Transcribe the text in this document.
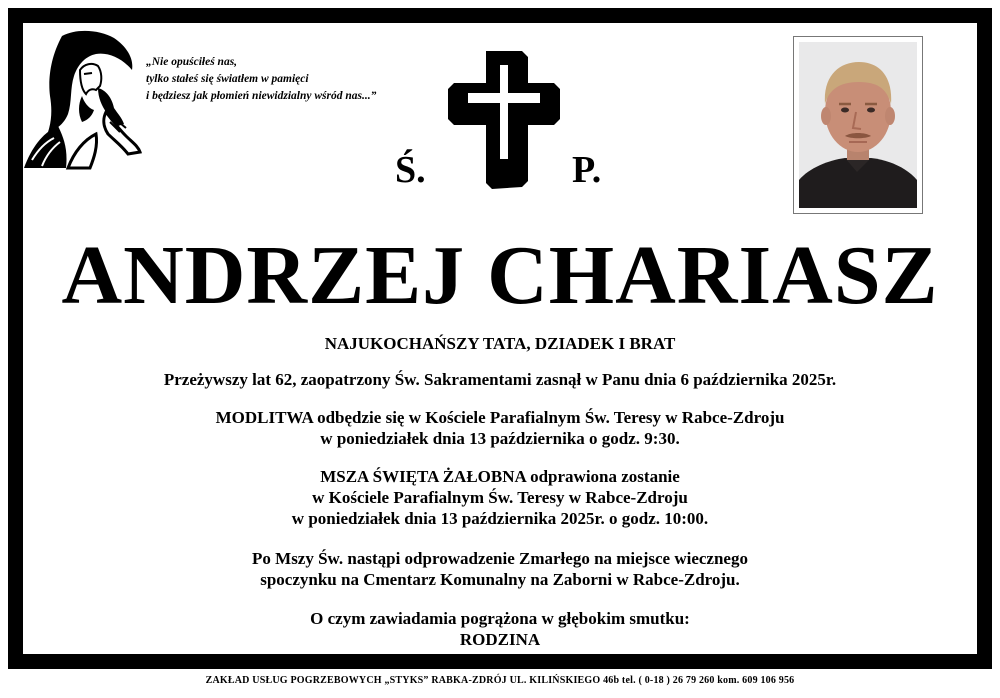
„Nie opuściłeś nas,
tylko stałeś się światłem w pamięci
i będziesz jak płomień niewidzialny wśród nas...”

Ś.	P.
ANDRZEJ CHARIASZ
NAJUKOCHAŃSZY TATA, DZIADEK I BRAT
Przeżywszy lat 62, zaopatrzony Św. Sakramentami zasnął w Panu dnia 6 października 2025r.
MODLITWA odbędzie się w Kościele Parafialnym Św. Teresy w Rabce-Zdroju
w poniedziałek dnia 13 października o godz. 9:30.
MSZA ŚWIĘTA ŻAŁOBNA odprawiona zostanie
w Kościele Parafialnym Św. Teresy w Rabce-Zdroju
w poniedziałek dnia 13 października 2025r. o godz. 10:00.
Po Mszy Św. nastąpi odprowadzenie Zmarłego na miejsce wiecznego
spoczynku na Cmentarz Komunalny na Zaborni w Rabce-Zdroju.
O czym zawiadamia pogrążona w głębokim smutku:
RODZINA
ZAKŁAD USŁUG POGRZEBOWYCH „STYKS” RABKA-ZDRÓJ UL. KILIŃSKIEGO 46b tel. ( 0-18 ) 26 79 260 kom. 609 106 956
